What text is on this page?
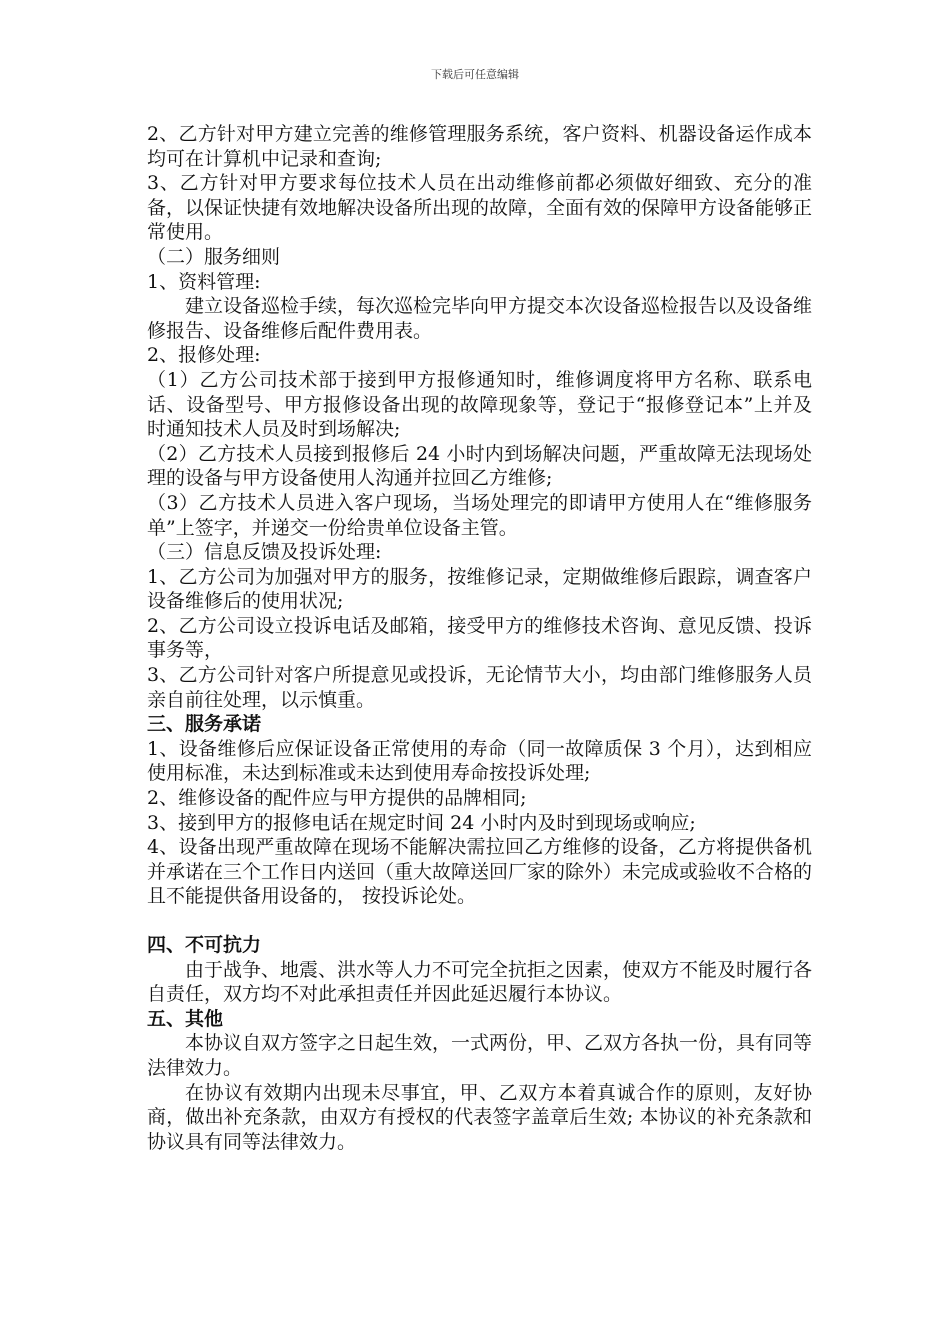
下载后可任意编辑

2、乙方针对甲方建立完善的维修管理服务系统，客户资料、机器设备运作成本均可在计算机中记录和查询;

3、乙方针对甲方要求每位技术人员在出动维修前都必须做好细致、充分的准备，以保证快捷有效地解决设备所出现的故障，全面有效的保障甲方设备能够正常使用。

（二）服务细则

1、资料管理:

建立设备巡检手续，每次巡检完毕向甲方提交本次设备巡检报告以及设备维修报告、设备维修后配件费用表。

2、报修处理:

（1）乙方公司技术部于接到甲方报修通知时，维修调度将甲方名称、联系电话、设备型号、甲方报修设备出现的故障现象等，登记于“报修登记本”上并及时通知技术人员及时到场解决;

（2）乙方技术人员接到报修后 24 小时内到场解决问题，严重故障无法现场处理的设备与甲方设备使用人沟通并拉回乙方维修;

（3）乙方技术人员进入客户现场，当场处理完的即请甲方使用人在“维修服务单”上签字，并递交一份给贵单位设备主管。

（三）信息反馈及投诉处理:

1、乙方公司为加强对甲方的服务，按维修记录，定期做维修后跟踪，调查客户设备维修后的使用状况;

2、乙方公司设立投诉电话及邮箱，接受甲方的维修技术咨询、意见反馈、投诉事务等，

3、乙方公司针对客户所提意见或投诉，无论情节大小，均由部门维修服务人员亲自前往处理，以示慎重。

三、服务承诺

1、设备维修后应保证设备正常使用的寿命（同一故障质保 3 个月），达到相应使用标准，未达到标准或未达到使用寿命按投诉处理;

2、维修设备的配件应与甲方提供的品牌相同;

3、接到甲方的报修电话在规定时间 24 小时内及时到现场或响应;

4、设备出现严重故障在现场不能解决需拉回乙方维修的设备，乙方将提供备机并承诺在三个工作日内送回（重大故障送回厂家的除外）未完成或验收不合格的且不能提供备用设备的， 按投诉论处。

四、不可抗力

由于战争、地震、洪水等人力不可完全抗拒之因素，使双方不能及时履行各自责任，双方均不对此承担责任并因此延迟履行本协议。

五、其他

本协议自双方签字之日起生效，一式两份，甲、乙双方各执一份，具有同等法律效力。

在协议有效期内出现未尽事宜，甲、乙双方本着真诚合作的原则，友好协商，做出补充条款，由双方有授权的代表签字盖章后生效; 本协议的补充条款和协议具有同等法律效力。
